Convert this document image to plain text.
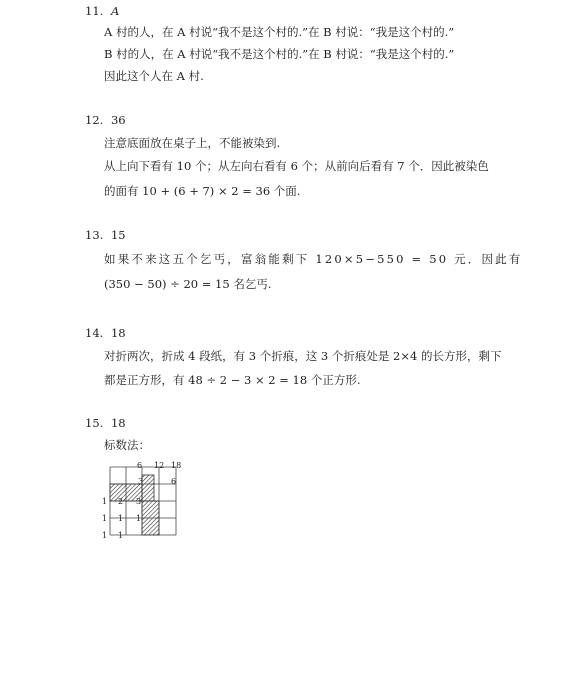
11. A
A 村的人，在 A 村说“我不是这个村的.”在 B 村说：“我是这个村的.”
B 村的人，在 A 村说“我不是这个村的.”在 B 村说：“我是这个村的.”
因此这个人在 A 村.
12. 36
注意底面放在桌子上，不能被染到.
从上向下看有 10 个；从左向右看有 6 个；从前向后看有 7 个．因此被染色
的面有 10 + (6 + 7) × 2 = 36 个面.
13. 15
如果不来这五个乞丐，富翁能剩下 120×5−550 = 50 元．因此有
(350 − 50) ÷ 20 = 15 名乞丐.
14. 18
对折两次，折成 4 段纸，有 3 个折痕，这 3 个折痕处是 2×4 的长方形，剩下
都是正方形，有 48 ÷ 2 − 3 × 2 = 18 个正方形.
15. 18
标数法：
6 12 18
3	6
1 2 3
1 1 1
1 1
